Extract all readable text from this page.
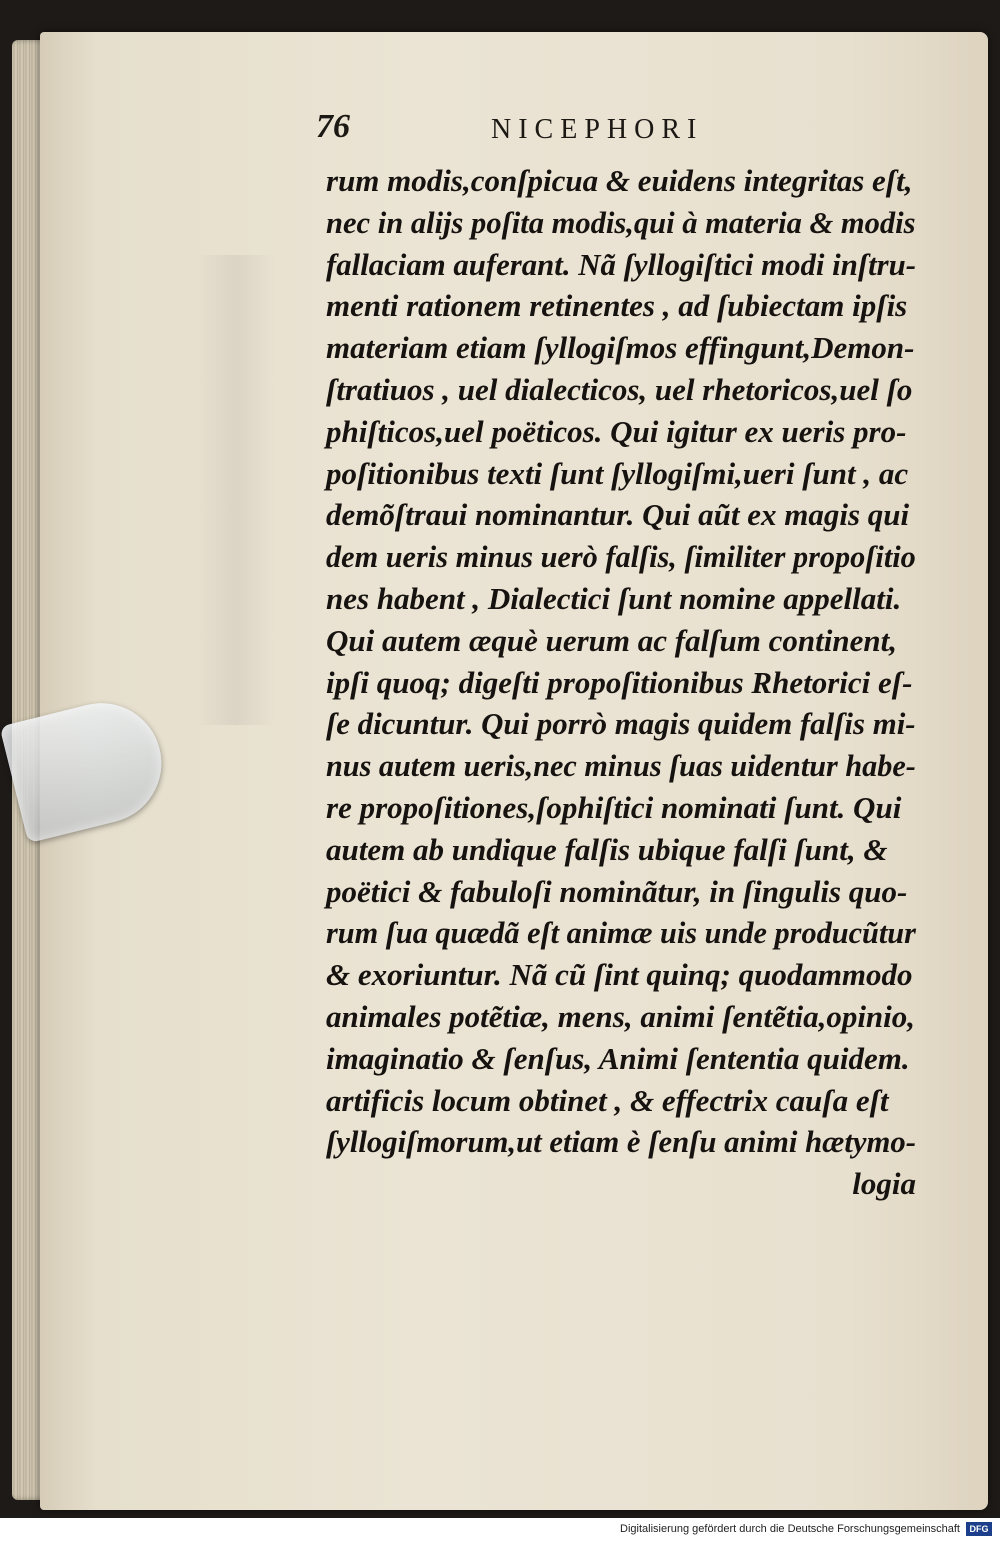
76	NICEPHORI
rum modis,conſpicua & euidens integritas eſt,
nec in aliјs poſita modis,qui à materia & modis
fallaciam auferant. Nã ſyllogiſtici modi inſtru-
menti rationem retinentes , ad ſubiectam ipſis
materiam etiam ſyllogiſmos effingunt,Demon-
ſtratiuos , uel dialecticos, uel rhetoricos,uel ſo
phiſticos,uel poëticos. Qui igitur ex ueris pro-
poſitionibus texti ſunt ſyllogiſmi,ueri ſunt , ac
demõſtraui nominantur. Qui aũt ex magis qui
dem ueris minus uerò falſis, ſimiliter propoſitio
nes habent , Dialectici ſunt nomine appellati.
Qui autem æquè uerum ac falſum continent,
ipſi quoq; digeſti propoſitionibus Rhetorici eſ-
ſe dicuntur. Qui porrò magis quidem falſis mi-
nus autem ueris,nec minus ſuas uidentur habe-
re propoſitiones,ſophiſtici nominati ſunt. Qui
autem ab undique falſis ubique falſi ſunt, &
poëtici & fabuloſi nominãtur, in ſingulis quo-
rum ſua quædã eſt animæ uis unde producũtur
& exoriuntur. Nã cũ ſint quinq; quodammodo
animales potẽtiæ, mens, animi ſentẽtia,opinio,
imaginatio & ſenſus, Animi ſententia quidem.
artificis locum obtinet , & effectrix cauſa eſt
ſyllogiſmorum,ut etiam è ſenſu animi hætymo-
logia
Digitalisierung gefördert durch die Deutsche Forschungsgemeinschaft	DFG
